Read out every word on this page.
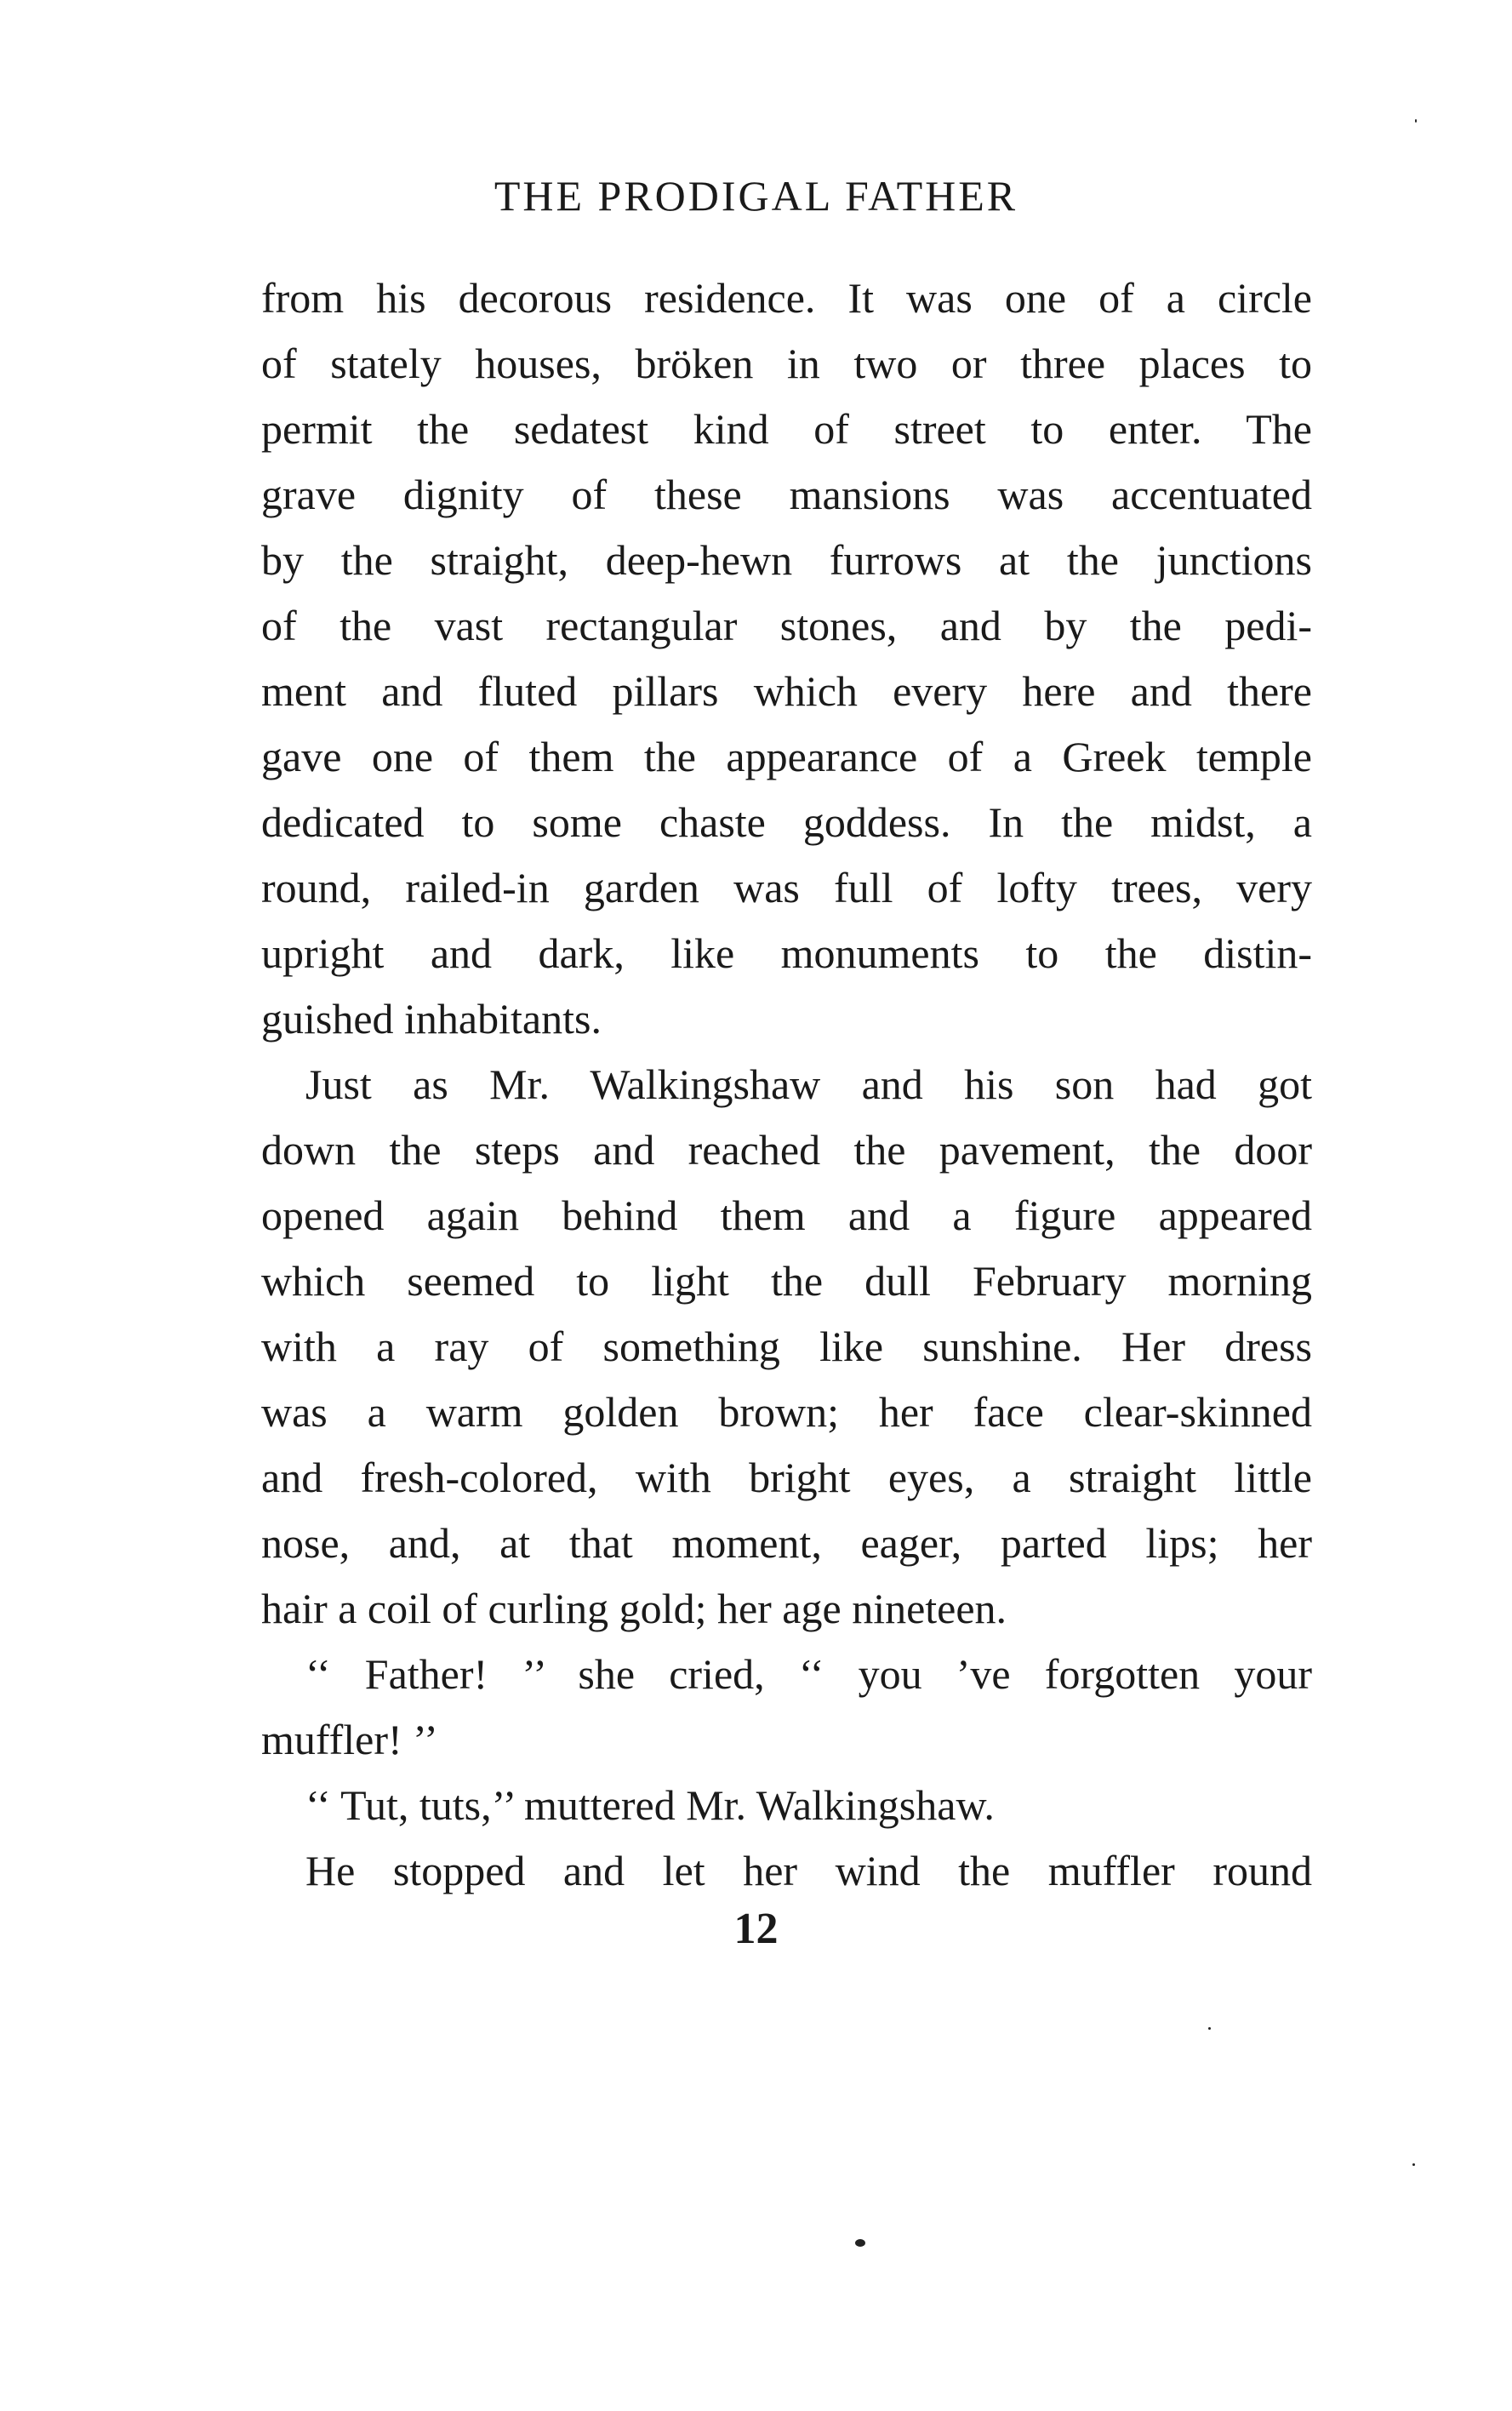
THE PRODIGAL FATHER
from his decorous residence. It was one of a circle
of stately houses, bröken in two or three places to
permit the sedatest kind of street to enter. The
grave dignity of these mansions was accentuated
by the straight, deep-hewn furrows at the junctions
of the vast rectangular stones, and by the pedi-
ment and fluted pillars which every here and there
gave one of them the appearance of a Greek temple
dedicated to some chaste goddess. In the midst, a
round, railed-in garden was full of lofty trees, very
upright and dark, like monuments to the distin-
guished inhabitants.
Just as Mr. Walkingshaw and his son had got
down the steps and reached the pavement, the door
opened again behind them and a figure appeared
which seemed to light the dull February morning
with a ray of something like sunshine. Her dress
was a warm golden brown; her face clear-skinned
and fresh-colored, with bright eyes, a straight little
nose, and, at that moment, eager, parted lips; her
hair a coil of curling gold; her age nineteen.
‘‘ Father! ’’ she cried, ‘‘ you ’ve forgotten your
muffler! ’’
‘‘ Tut, tuts,’’ muttered Mr. Walkingshaw.
He stopped and let her wind the muffler round
12
